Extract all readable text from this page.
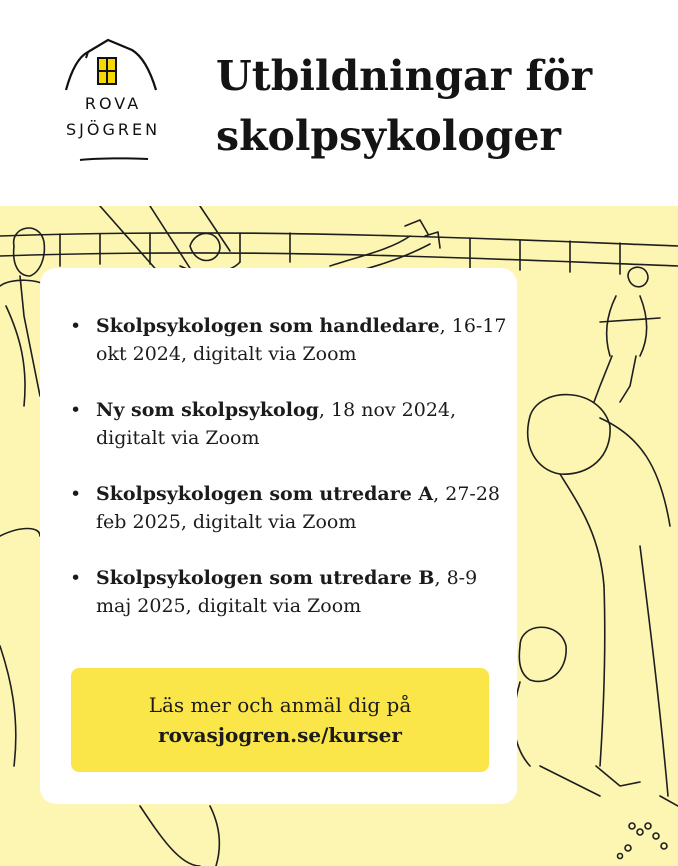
ROVA
SJÖGREN
Utbildningar för
skolpsykologer
• Skolpsykologen som handledare, 16-17 okt 2024, digitalt via Zoom
• Ny som skolpsykolog, 18 nov 2024, digitalt via Zoom
• Skolpsykologen som utredare A, 27-28 feb 2025, digitalt via Zoom
• Skolpsykologen som utredare B, 8-9 maj 2025, digitalt via Zoom
Läs mer och anmäl dig på
rovasjogren.se/kurser
